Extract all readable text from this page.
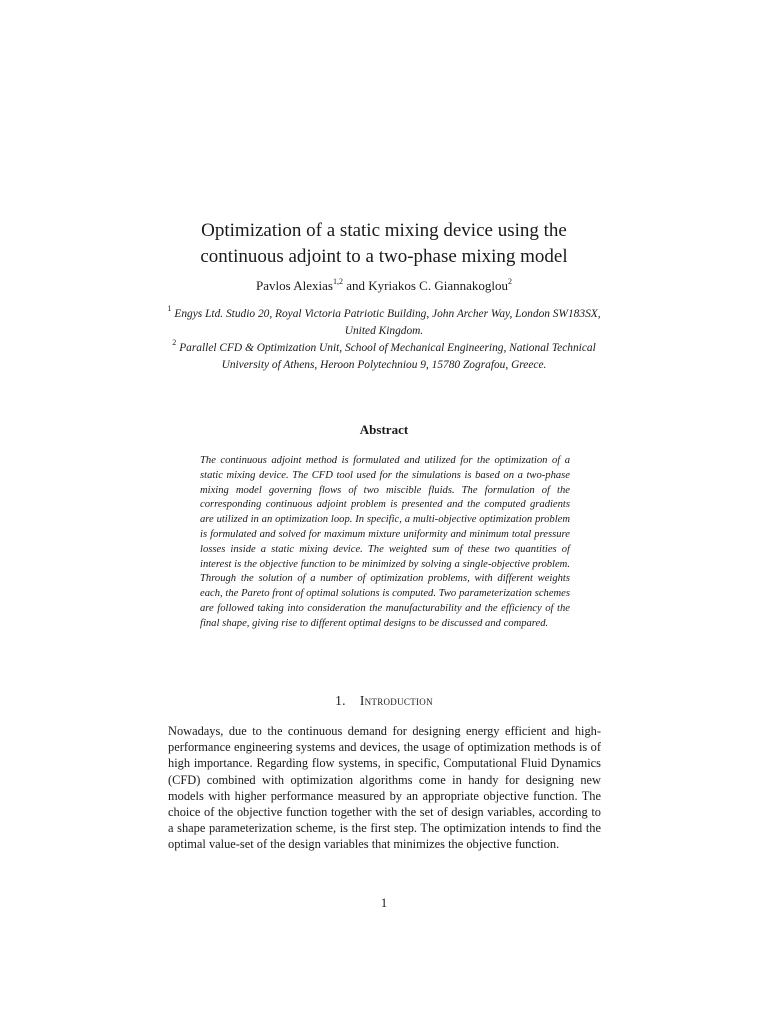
Optimization of a static mixing device using the
continuous adjoint to a two-phase mixing model
Pavlos Alexias$^{1,2}$ and Kyriakos C. Giannakoglou$^2$
$^1$ Engys Ltd. Studio 20, Royal Victoria Patriotic Building, John Archer Way, London SW183SX, United Kingdom.
$^2$ Parallel CFD & Optimization Unit, School of Mechanical Engineering, National Technical University of Athens, Heroon Polytechniou 9, 15780 Zografou, Greece.
Abstract
The continuous adjoint method is formulated and utilized for the optimization of a static mixing device. The CFD tool used for the simulations is based on a two-phase mixing model governing flows of two miscible fluids. The formulation of the corresponding continuous adjoint problem is presented and the computed gradients are utilized in an optimization loop. In specific, a multi-objective optimization problem is formulated and solved for maximum mixture uniformity and minimum total pressure losses inside a static mixing device. The weighted sum of these two quantities of interest is the objective function to be minimized by solving a single-objective problem. Through the solution of a number of optimization problems, with different weights each, the Pareto front of optimal solutions is computed. Two parameterization schemes are followed taking into consideration the manufacturability and the efficiency of the final shape, giving rise to different optimal designs to be discussed and compared.
1. Introduction
Nowadays, due to the continuous demand for designing energy efficient and high-performance engineering systems and devices, the usage of optimization methods is of high importance. Regarding flow systems, in specific, Computational Fluid Dynamics (CFD) combined with optimization algorithms come in handy for designing new models with higher performance measured by an appropriate objective function. The choice of the objective function together with the set of design variables, according to a shape parameterization scheme, is the first step. The optimization intends to find the optimal value-set of the design variables that minimizes the objective function.
1
